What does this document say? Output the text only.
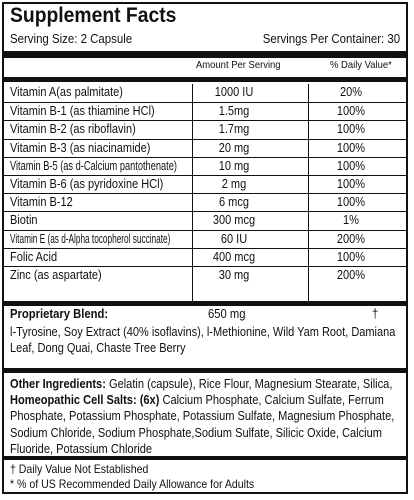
Supplement Facts
Serving Size: 2 Capsule	Servings Per Container: 30
Amount Per Serving	% Daily Value*
Vitamin A(as palmitate)	1000 IU	20%
Vitamin B-1 (as thiamine HCl)	1.5mg	100%
Vitamin B-2 (as riboflavin)	1.7mg	100%
Vitamin B-3 (as niacinamide)	20 mg	100%
Vitamin B-5 (as d-Calcium pantothenate)	10 mg	100%
Vitamin B-6 (as pyridoxine HCl)	2 mg	100%
Vitamin B-12	6 mcg	100%
Biotin	300 mcg	1%
Vitamin E (as d-Alpha tocopherol succinate)	60 IU	200%
Folic Acid	400 mcg	100%
Zinc (as aspartate)	30 mg	200%
Proprietary Blend:	650 mg	†
l-Tyrosine, Soy Extract (40% isoflavins), l-Methionine, Wild Yam Root, Damiana Leaf, Dong Quai, Chaste Tree Berry
Other Ingredients: Gelatin (capsule), Rice Flour, Magnesium Stearate, Silica, Homeopathic Cell Salts: (6x) Calcium Phosphate, Calcium Sulfate, Ferrum Phosphate, Potassium Phosphate, Potassium Sulfate, Magnesium Phosphate, Sodium Chloride, Sodium Phosphate,Sodium Sulfate, Silicic Oxide, Calcium Fluoride, Potassium Chloride
† Daily Value Not Established
* % of US Recommended Daily Allowance for Adults
